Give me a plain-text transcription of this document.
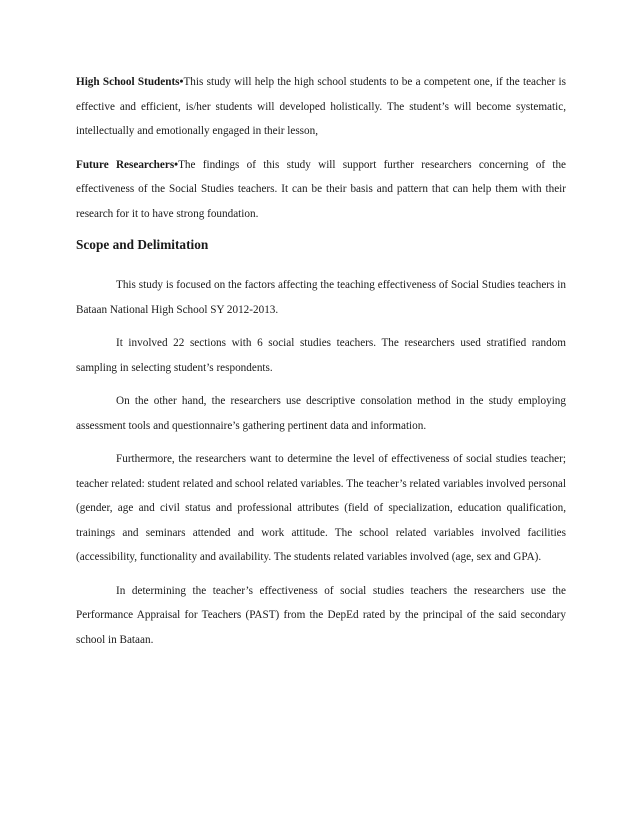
High School Students•This study will help the high school students to be a competent one, if the teacher is effective and efficient, is/her students will developed holistically. The student’s will become systematic, intellectually and emotionally engaged in their lesson,

Future Researchers•The findings of this study will support further researchers concerning of the effectiveness of the Social Studies teachers. It can be their basis and pattern that can help them with their research for it to have strong foundation.

Scope and Delimitation

This study is focused on the factors affecting the teaching effectiveness of Social Studies teachers in Bataan National High School SY 2012-2013.

It involved 22 sections with 6 social studies teachers. The researchers used stratified random sampling in selecting student’s respondents.

On the other hand, the researchers use descriptive consolation method in the study employing assessment tools and questionnaire’s gathering pertinent data and information.

Furthermore, the researchers want to determine the level of effectiveness of social studies teacher; teacher related: student related and school related variables. The teacher’s related variables involved personal (gender, age and civil status and professional attributes (field of specialization, education qualification, trainings and seminars attended and work attitude. The school related variables involved facilities (accessibility, functionality and availability. The students related variables involved (age, sex and GPA).

In determining the teacher’s effectiveness of social studies teachers the researchers use the Performance Appraisal for Teachers (PAST) from the DepEd rated by the principal of the said secondary school in Bataan.
